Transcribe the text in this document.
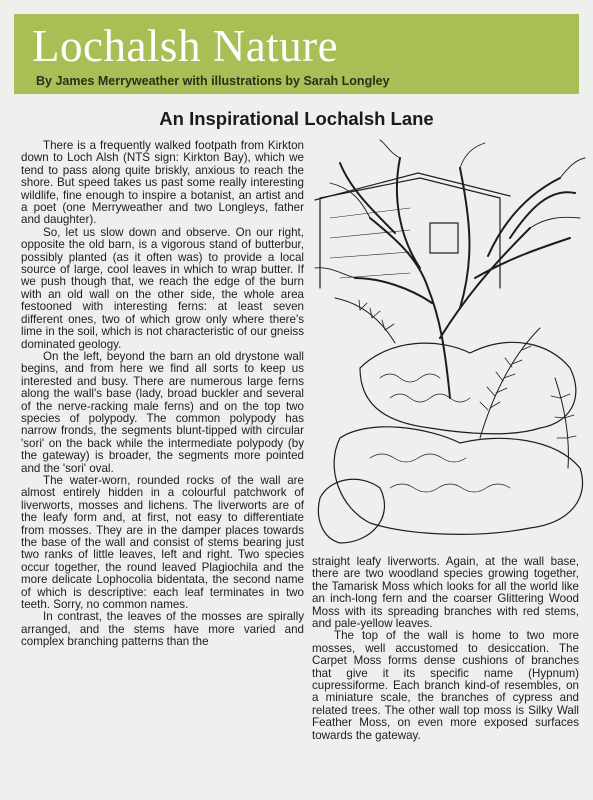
Lochalsh Nature
By James Merryweather with illustrations by Sarah Longley
An Inspirational Lochalsh Lane

There is a frequently walked footpath from Kirkton down to Loch Alsh (NTS sign: Kirkton Bay), which we tend to pass along quite briskly, anxious to reach the shore. But speed takes us past some really interesting wildlife, fine enough to inspire a botanist, an artist and a poet (one Merryweather and two Longleys, father and daughter).

So, let us slow down and observe. On our right, opposite the old barn, is a vigorous stand of butterbur, possibly planted (as it often was) to provide a local source of large, cool leaves in which to wrap butter. If we push though that, we reach the edge of the burn with an old wall on the other side, the whole area festooned with interesting ferns: at least seven different ones, two of which grow only where there's lime in the soil, which is not characteristic of our gneiss dominated geology.

On the left, beyond the barn an old drystone wall begins, and from here we find all sorts to keep us interested and busy. There are numerous large ferns along the wall's base (lady, broad buckler and several of the nerve-racking male ferns) and on the top two species of polypody. The common polypody has narrow fronds, the segments blunt-tipped with circular 'sori' on the back while the intermediate polypody (by the gateway) is broader, the segments more pointed and the 'sori' oval.

The water-worn, rounded rocks of the wall are almost entirely hidden in a colourful patchwork of liverworts, mosses and lichens. The liverworts are of the leafy form and, at first, not easy to differentiate from mosses. They are in the damper places towards the base of the wall and consist of stems bearing just two ranks of little leaves, left and right. Two species occur together, the round leaved Plagiochila and the more delicate Lophocolia bidentata, the second name of which is descriptive: each leaf terminates in two teeth. Sorry, no common names.

In contrast, the leaves of the mosses are spirally arranged, and the stems have more varied and complex branching patterns than the

straight leafy liverworts. Again, at the wall base, there are two woodland species growing together, the Tamarisk Moss which looks for all the world like an inch-long fern and the coarser Glittering Wood Moss with its spreading branches with red stems, and pale-yellow leaves.

The top of the wall is home to two more mosses, well accustomed to desiccation. The Carpet Moss forms dense cushions of branches that give it its specific name (Hypnum) cupressiforme. Each branch kind-of resembles, on a miniature scale, the branches of cypress and related trees. The other wall top moss is Silky Wall Feather Moss, on even more exposed surfaces towards the gateway.
